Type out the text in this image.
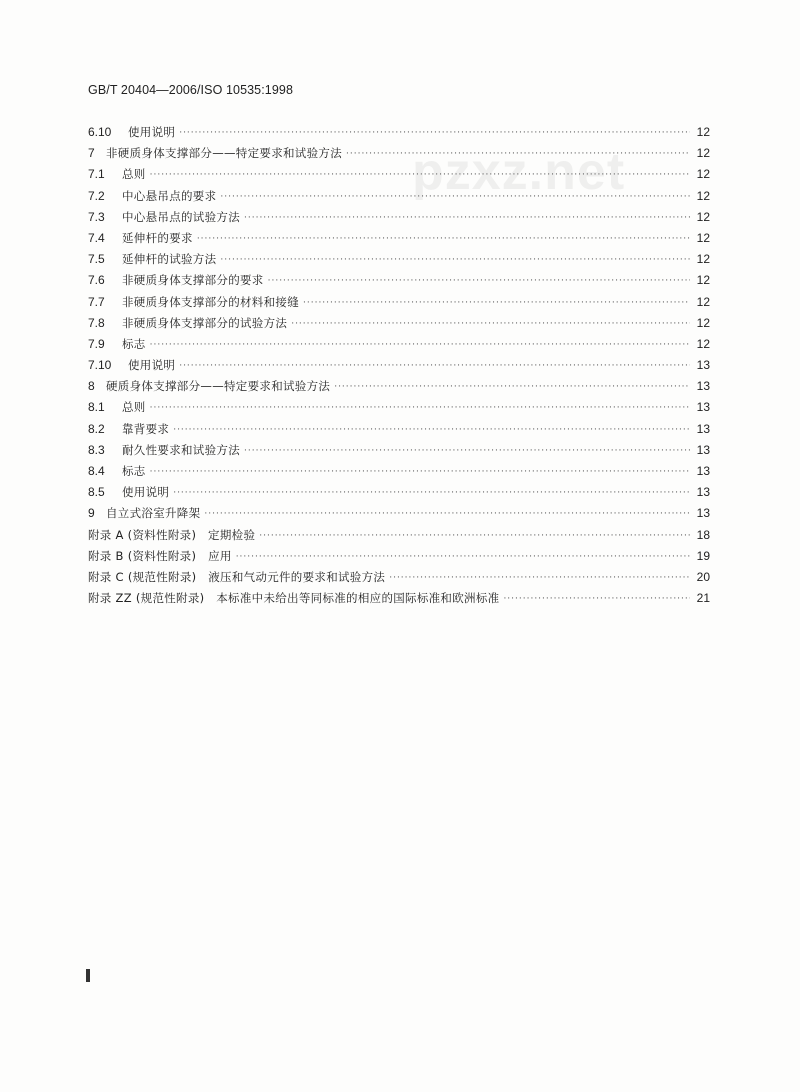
GB/T 20404—2006/ISO 10535:1998
pzxz.net
6.10	使用说明 ·····	12
7 非硬质身体支撑部分——特定要求和试验方法 ·····	12
7.1	总则 ·····	12
7.2	中心悬吊点的要求 ·····	12
7.3	中心悬吊点的试验方法 ·····	12
7.4	延伸杆的要求 ·····	12
7.5	延伸杆的试验方法 ·····	12
7.6	非硬质身体支撑部分的要求 ·····	12
7.7	非硬质身体支撑部分的材料和接缝 ·····	12
7.8	非硬质身体支撑部分的试验方法 ·····	12
7.9	标志 ·····	12
7.10	使用说明 ·····	13
8 硬质身体支撑部分——特定要求和试验方法 ·····	13
8.1	总则 ·····	13
8.2	靠背要求 ·····	13
8.3	耐久性要求和试验方法 ·····	13
8.4	标志 ·····	13
8.5	使用说明 ·····	13
9 自立式浴室升降架 ·····	13
附录 A (资料性附录)　定期检验 ·····	18
附录 B (资料性附录)　应用 ·····	19
附录 C (规范性附录)　液压和气动元件的要求和试验方法 ·····	20
附录 ZZ (规范性附录)　本标准中未给出等同标准的相应的国际标准和欧洲标准 ·····	21
